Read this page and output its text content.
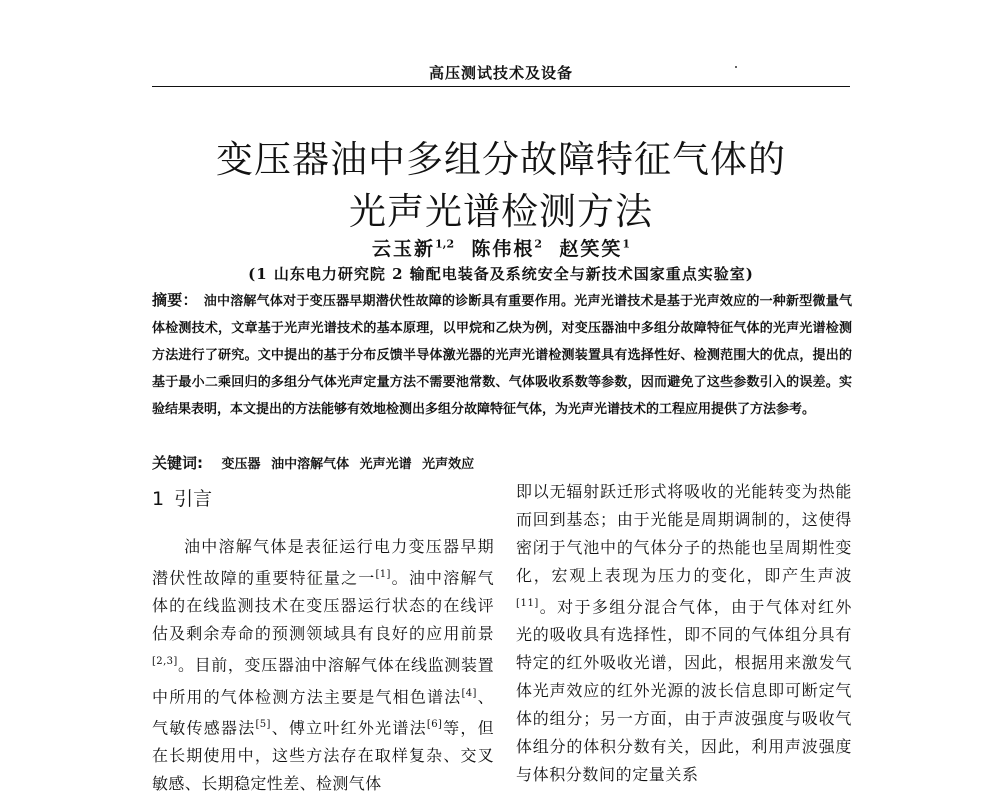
高压测试技术及设备
变压器油中多组分故障特征气体的
光声光谱检测方法
云玉新$^{1,2}$ 陈伟根$^2$ 赵笑笑$^1$
(1 山东电力研究院 2 输配电装备及系统安全与新技术国家重点实验室)
摘要： 油中溶解气体对于变压器早期潜伏性故障的诊断具有重要作用。光声光谱技术是基于光声效应的一种新型微量气体检测技术，文章基于光声光谱技术的基本原理，以甲烷和乙炔为例，对变压器油中多组分故障特征气体的光声光谱检测方法进行了研究。文中提出的基于分布反馈半导体激光器的光声光谱检测装置具有选择性好、检测范围大的优点，提出的基于最小二乘回归的多组分气体光声定量方法不需要池常数、气体吸收系数等参数，因而避免了这些参数引入的误差。实验结果表明，本文提出的方法能够有效地检测出多组分故障特征气体，为光声光谱技术的工程应用提供了方法参考。
关键词: 变压器 油中溶解气体 光声光谱 光声效应
1 引言

油中溶解气体是表征运行电力变压器早期潜伏性故障的重要特征量之一[1]。油中溶解气体的在线监测技术在变压器运行状态的在线评估及剩余寿命的预测领域具有良好的应用前景[2,3]。目前，变压器油中溶解气体在线监测装置中所用的气体检测方法主要是气相色谱法[4]、气敏传感器法[5]、傅立叶红外光谱法[6]等，但在长期使用中，这些方法存在取样复杂、交叉敏感、长期稳定性差、检测气体

即以无辐射跃迁形式将吸收的光能转变为热能而回到基态；由于光能是周期调制的，这使得密闭于气池中的气体分子的热能也呈周期性变化，宏观上表现为压力的变化，即产生声波[11]。对于多组分混合气体，由于气体对红外光的吸收具有选择性，即不同的气体组分具有特定的红外吸收光谱，因此，根据用来激发气体光声效应的红外光源的波长信息即可断定气体的组分；另一方面，由于声波强度与吸收气体组分的体积分数有关，因此，利用声波强度与体积分数间的定量关系
